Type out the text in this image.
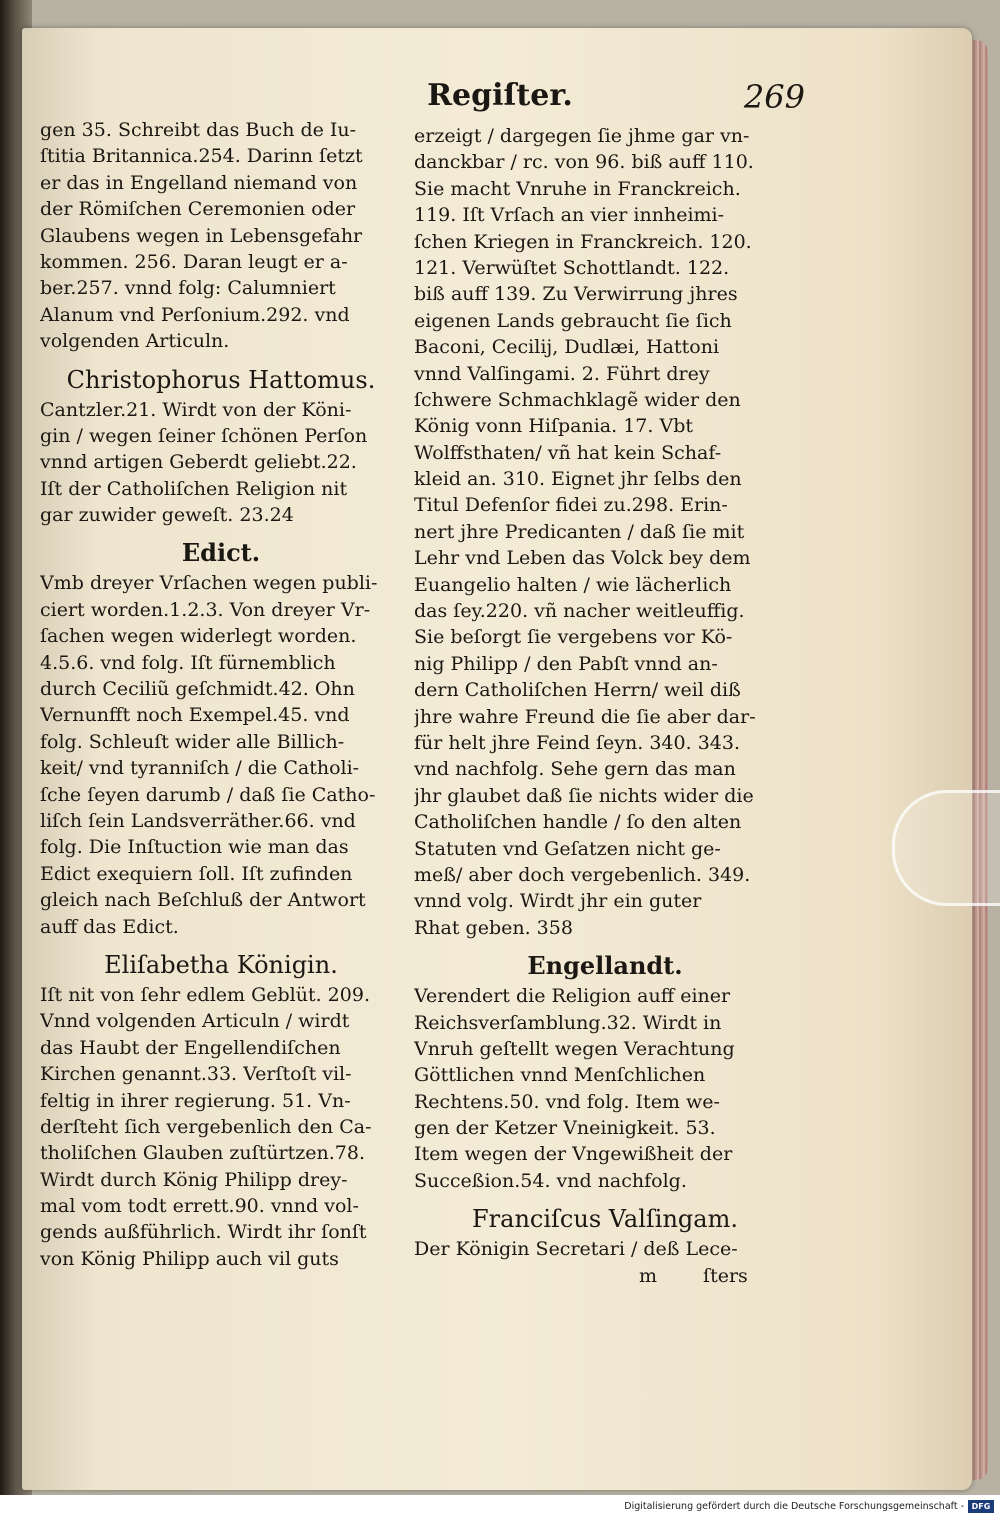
Regiſter.	269
gen 35. Schreibt das Buch de Iu-
ſtitia Britannica.254. Darinn ſetzt
er das in Engelland niemand von
der Römiſchen Ceremonien oder
Glaubens wegen in Lebensgefahr
kommen. 256. Daran leugt er a-
ber.257. vnnd folg: Calumniert
Alanum vnd Perſonium.292. vnd
volgenden Articuln.
Christophorus Hattomus.
Cantzler.21. Wirdt von der Köni-
gin / wegen ſeiner ſchönen Perſon
vnnd artigen Geberdt geliebt.22.
Iſt der Catholiſchen Religion nit
gar zuwider geweſt. 23.24
Edict.
Vmb dreyer Vrſachen wegen publi-
ciert worden.1.2.3. Von dreyer Vr-
ſachen wegen widerlegt worden.
4.5.6. vnd folg. Iſt fürnemblich
durch Ceciliũ geſchmidt.42. Ohn
Vernunfft noch Exempel.45. vnd
folg. Schleuſt wider alle Billich-
keit/ vnd tyranniſch / die Catholi-
ſche ſeyen darumb / daß ſie Catho-
liſch ſein Landsverräther.66. vnd
folg. Die Inſtuction wie man das
Edict exequiern ſoll. Iſt zufinden
gleich nach Beſchluß der Antwort
auff das Edict.
Eliſabetha Königin.
Iſt nit von ſehr edlem Geblüt. 209.
Vnnd volgenden Articuln / wirdt
das Haubt der Engellendiſchen
Kirchen genannt.33. Verſtoſt vil-
feltig in ihrer regierung. 51. Vn-
derſteht ſich vergebenlich den Ca-
tholiſchen Glauben zuſtürtzen.78.
Wirdt durch König Philipp drey-
mal vom todt errett.90. vnnd vol-
gends außführlich. Wirdt ihr ſonſt
von König Philipp auch vil guts
erzeigt / dargegen ſie jhme gar vn-
danckbar / rc. von 96. biß auff 110.
Sie macht Vnruhe in Franckreich.
119. Iſt Vrſach an vier innheimi-
ſchen Kriegen in Franckreich. 120.
121. Verwüſtet Schottlandt. 122.
biß auff 139. Zu Verwirrung jhres
eigenen Lands gebraucht ſie ſich
Baconi, Cecilij, Dudlæi, Hattoni
vnnd Valſingami. 2. Führt drey
ſchwere Schmachklagẽ wider den
König vonn Hiſpania. 17. Vbt
Wolffsthaten/ vñ hat kein Schaf-
kleid an. 310. Eignet jhr ſelbs den
Titul Defenſor fidei zu.298. Erin-
nert jhre Predicanten / daß ſie mit
Lehr vnd Leben das Volck bey dem
Euangelio halten / wie lächerlich
das ſey.220. vñ nacher weitleuffig.
Sie beſorgt ſie vergebens vor Kö-
nig Philipp / den Pabſt vnnd an-
dern Catholiſchen Herrn/ weil diß
jhre wahre Freund die ſie aber dar-
für helt jhre Feind ſeyn. 340. 343.
vnd nachfolg. Sehe gern das man
jhr glaubet daß ſie nichts wider die
Catholiſchen handle / ſo den alten
Statuten vnd Geſatzen nicht ge-
meß/ aber doch vergebenlich. 349.
vnnd volg. Wirdt jhr ein guter
Rhat geben. 358
Engellandt.
Verendert die Religion auff einer
Reichsverſamblung.32. Wirdt in
Vnruh geſtellt wegen Verachtung
Göttlichen vnnd Menſchlichen
Rechtens.50. vnd folg. Item we-
gen der Ketzer Vneinigkeit. 53.
Item wegen der Vngewißheit der
Succeßion.54. vnd nachfolg.
Franciſcus Valſingam.
Der Königin Secretari / deß Lece-
m ſters
Digitalisierung gefördert durch die Deutsche Forschungsgemeinschaft - DFG
